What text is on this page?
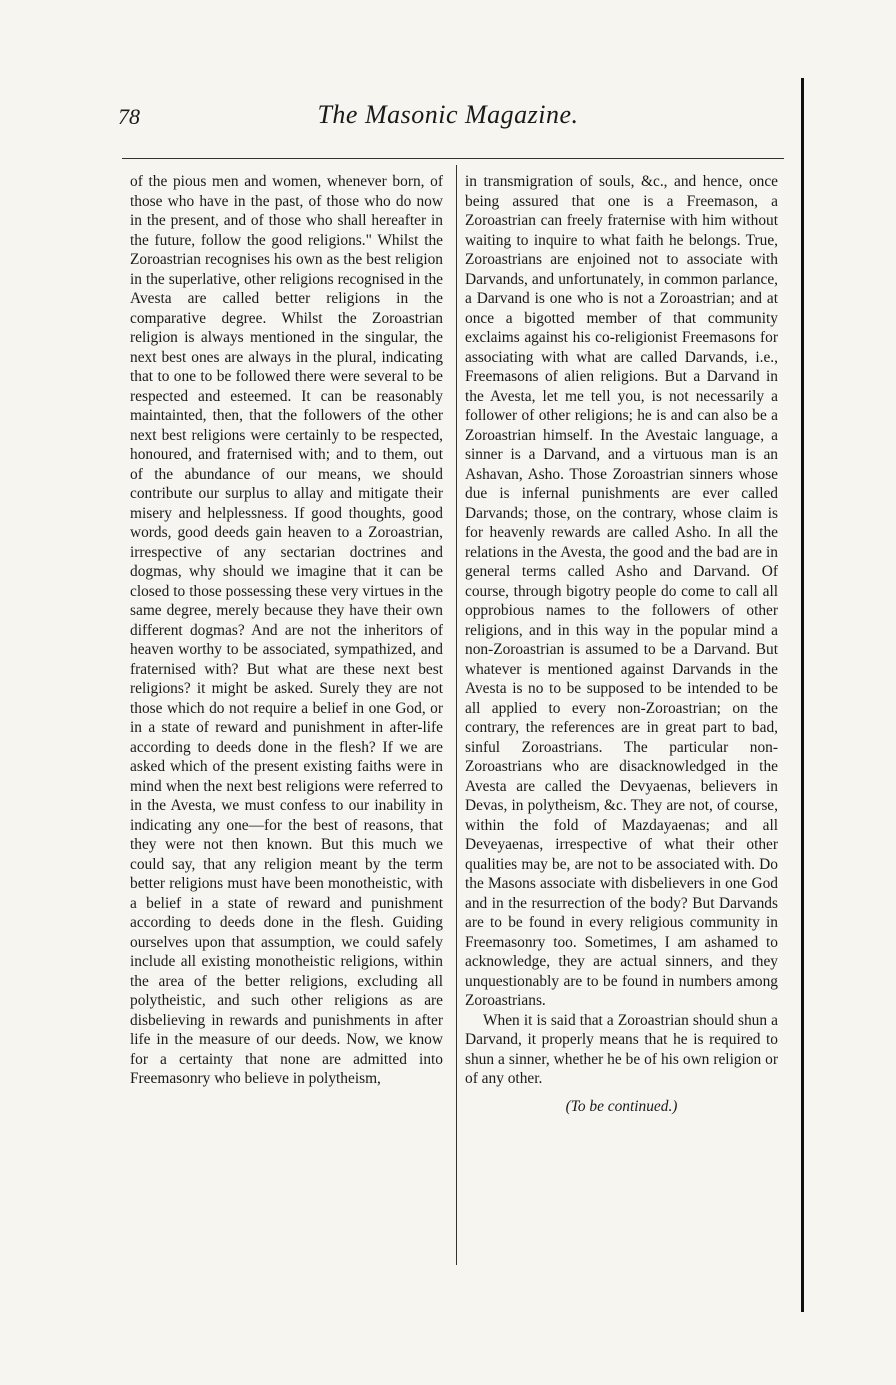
78	The Masonic Magazine.

of the pious men and women, whenever born, of those who have in the past, of those who do now in the present, and of those who shall hereafter in the future, follow the good religions." Whilst the Zoroastrian recognises his own as the best religion in the superlative, other religions recognised in the Avesta are called better religions in the comparative degree. Whilst the Zoroastrian religion is always mentioned in the singular, the next best ones are always in the plural, indicating that to one to be followed there were several to be respected and esteemed. It can be reasonably maintainted, then, that the followers of the other next best religions were certainly to be respected, honoured, and fraternised with; and to them, out of the abundance of our means, we should contribute our surplus to allay and mitigate their misery and helplessness. If good thoughts, good words, good deeds gain heaven to a Zoroastrian, irrespective of any sectarian doctrines and dogmas, why should we imagine that it can be closed to those possessing these very virtues in the same degree, merely because they have their own different dogmas? And are not the inheritors of heaven worthy to be associated, sympathized, and fraternised with? But what are these next best religions? it might be asked. Surely they are not those which do not require a belief in one God, or in a state of reward and punishment in after-life according to deeds done in the flesh? If we are asked which of the present existing faiths were in mind when the next best religions were referred to in the Avesta, we must confess to our inability in indicating any one—for the best of reasons, that they were not then known. But this much we could say, that any religion meant by the term better religions must have been monotheistic, with a belief in a state of reward and punishment according to deeds done in the flesh. Guiding ourselves upon that assumption, we could safely include all existing monotheistic religions, within the area of the better religions, excluding all polytheistic, and such other religions as are disbelieving in rewards and punishments in after life in the measure of our deeds. Now, we know for a certainty that none are admitted into Freemasonry who believe in polytheism,

in transmigration of souls, &c., and hence, once being assured that one is a Freemason, a Zoroastrian can freely fraternise with him without waiting to inquire to what faith he belongs. True, Zoroastrians are enjoined not to associate with Darvands, and unfortunately, in common parlance, a Darvand is one who is not a Zoroastrian; and at once a bigotted member of that community exclaims against his co-religionist Freemasons for associating with what are called Darvands, i.e., Freemasons of alien religions. But a Darvand in the Avesta, let me tell you, is not necessarily a follower of other religions; he is and can also be a Zoroastrian himself. In the Avestaic language, a sinner is a Darvand, and a virtuous man is an Ashavan, Asho. Those Zoroastrian sinners whose due is infernal punishments are ever called Darvands; those, on the contrary, whose claim is for heavenly rewards are called Asho. In all the relations in the Avesta, the good and the bad are in general terms called Asho and Darvand. Of course, through bigotry people do come to call all opprobious names to the followers of other religions, and in this way in the popular mind a non-Zoroastrian is assumed to be a Darvand. But whatever is mentioned against Darvands in the Avesta is no to be supposed to be intended to be all applied to every non-Zoroastrian; on the contrary, the references are in great part to bad, sinful Zoroastrians. The particular non-Zoroastrians who are disacknowledged in the Avesta are called the Devyaenas, believers in Devas, in polytheism, &c. They are not, of course, within the fold of Mazdayaenas; and all Deveyaenas, irrespective of what their other qualities may be, are not to be associated with. Do the Masons associate with disbelievers in one God and in the resurrection of the body? But Darvands are to be found in every religious community in Freemasonry too. Sometimes, I am ashamed to acknowledge, they are actual sinners, and they unquestionably are to be found in numbers among Zoroastrians.

When it is said that a Zoroastrian should shun a Darvand, it properly means that he is required to shun a sinner, whether he be of his own religion or of any other.

(To be continued.)
